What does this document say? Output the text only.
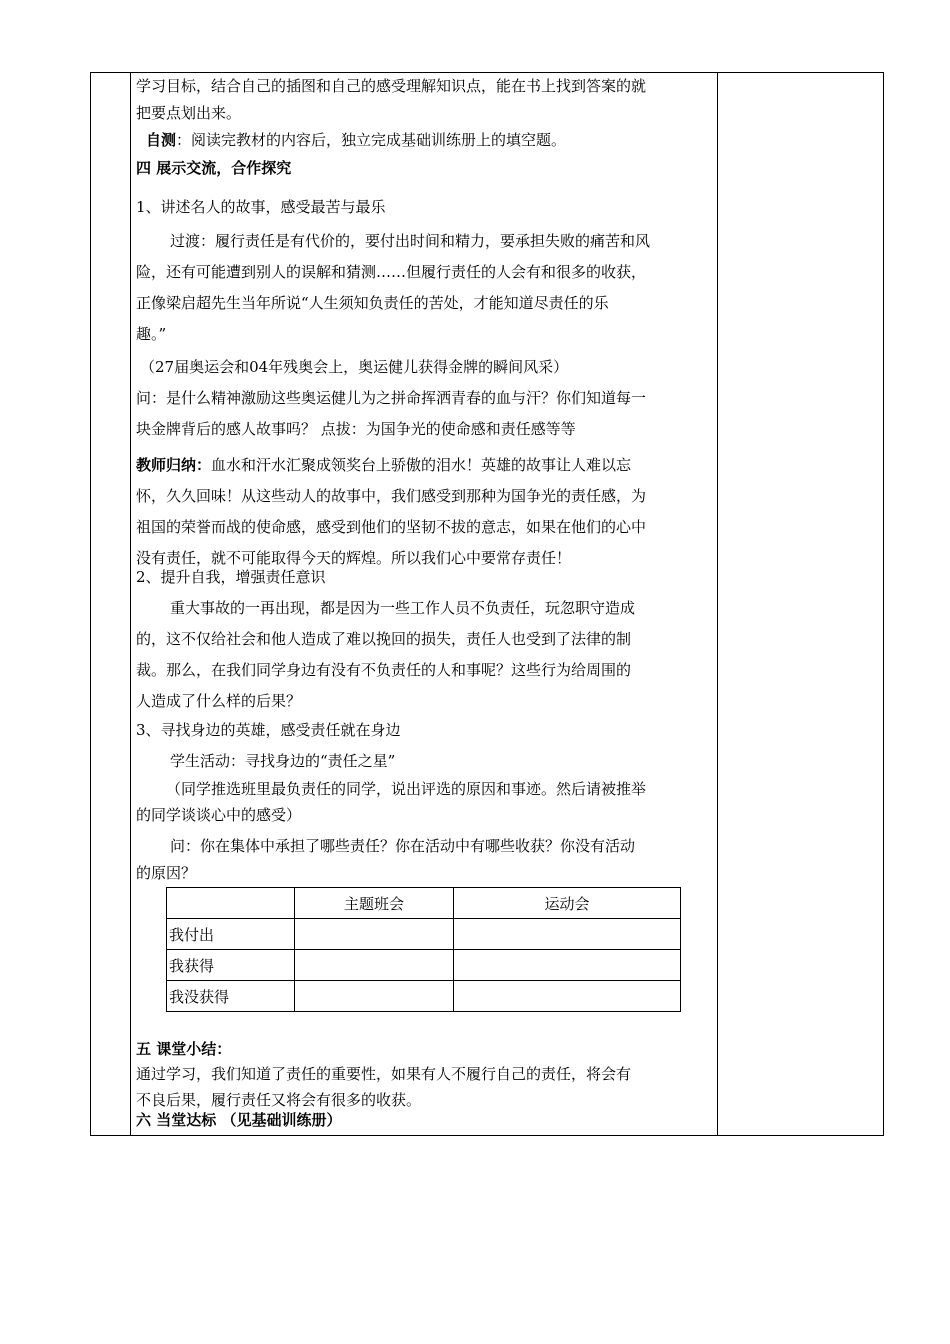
学习目标，结合自己的插图和自己的感受理解知识点，能在书上找到答案的就

把要点划出来。

自测：阅读完教材的内容后，独立完成基础训练册上的填空题。

四 展示交流，合作探究

1、讲述名人的故事，感受最苦与最乐

过渡：履行责任是有代价的，要付出时间和精力，要承担失败的痛苦和风

险，还有可能遭到别人的误解和猜测……但履行责任的人会有和很多的收获，

正像梁启超先生当年所说“人生须知负责任的苦处，才能知道尽责任的乐

趣。”

（27届奥运会和04年残奥会上，奥运健儿获得金牌的瞬间风采）

问：是什么精神激励这些奥运健儿为之拼命挥洒青春的血与汗？你们知道每一

块金牌背后的感人故事吗？ 点拔：为国争光的使命感和责任感等等

教师归纳：血水和汗水汇聚成领奖台上骄傲的泪水！英雄的故事让人难以忘

怀，久久回味！从这些动人的故事中，我们感受到那种为国争光的责任感，为

祖国的荣誉而战的使命感，感受到他们的坚韧不拔的意志，如果在他们的心中

没有责任，就不可能取得今天的辉煌。所以我们心中要常存责任！

2、提升自我，增强责任意识

重大事故的一再出现，都是因为一些工作人员不负责任，玩忽职守造成

的，这不仅给社会和他人造成了难以挽回的损失，责任人也受到了法律的制

裁。那么，在我们同学身边有没有不负责任的人和事呢？这些行为给周围的

人造成了什么样的后果？

3、寻找身边的英雄，感受责任就在身边

学生活动：寻找身边的“责任之星”

（同学推选班里最负责任的同学，说出评选的原因和事迹。然后请被推举

的同学谈谈心中的感受）

问：你在集体中承担了哪些责任？你在活动中有哪些收获？你没有活动

的原因？

五 课堂小结：

通过学习，我们知道了责任的重要性，如果有人不履行自己的责任，将会有

不良后果，履行责任又将会有很多的收获。

六 当堂达标 （见基础训练册）

	主题班会	运动会
我付出		
我获得		
我没获得		
